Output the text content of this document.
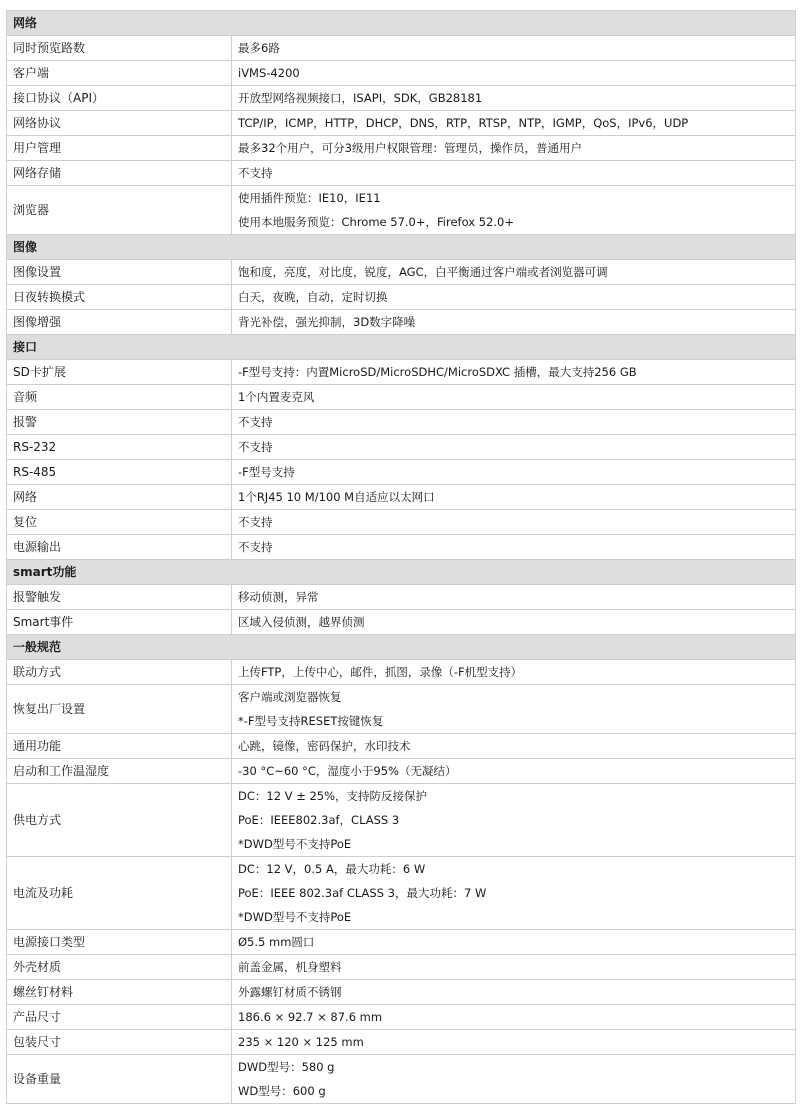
网络	
同时预览路数	最多6路

客户端	iVMS-4200

接口协议（API）	开放型网络视频接口，ISAPI，SDK，GB28181

网络协议	TCP/IP，ICMP，HTTP，DHCP，DNS，RTP，RTSP，NTP，IGMP，QoS，IPv6，UDP

用户管理	最多32个用户，可分3级用户权限管理：管理员，操作员，普通用户

网络存储	不支持

浏览器	使用插件预览：IE10，IE11
使用本地服务预览：Chrome 57.0+，Firefox 52.0+

图像	
图像设置	饱和度，亮度，对比度，锐度，AGC，白平衡通过客户端或者浏览器可调

日夜转换模式	白天，夜晚，自动，定时切换

图像增强	背光补偿，强光抑制，3D数字降噪

接口	
SD卡扩展	-F型号支持：内置MicroSD/MicroSDHC/MicroSDXC 插槽，最大支持256 GB

音频	1个内置麦克风

报警	不支持

RS-232	不支持

RS-485	-F型号支持

网络	1个RJ45 10 M/100 M自适应以太网口

复位	不支持

电源输出	不支持

smart功能	
报警触发	移动侦测，异常

Smart事件	区域入侵侦测，越界侦测

一般规范	
联动方式	上传FTP，上传中心，邮件，抓图，录像（-F机型支持）

恢复出厂设置	客户端或浏览器恢复
*-F型号支持RESET按键恢复

通用功能	心跳，镜像，密码保护，水印技术

启动和工作温湿度	-30 °C~60 °C，湿度小于95%（无凝结）

供电方式	DC：12 V ± 25%，支持防反接保护
PoE：IEEE802.3af，CLASS 3
*DWD型号不支持PoE

电流及功耗	DC：12 V，0.5 A，最大功耗：6 W
PoE：IEEE 802.3af CLASS 3，最大功耗：7 W
*DWD型号不支持PoE

电源接口类型	Ø5.5 mm圆口

外壳材质	前盖金属，机身塑料

螺丝钉材料	外露螺钉材质不锈钢

产品尺寸	186.6 × 92.7 × 87.6 mm

包装尺寸	235 × 120 × 125 mm

设备重量	DWD型号：580 g
WD型号：600 g
